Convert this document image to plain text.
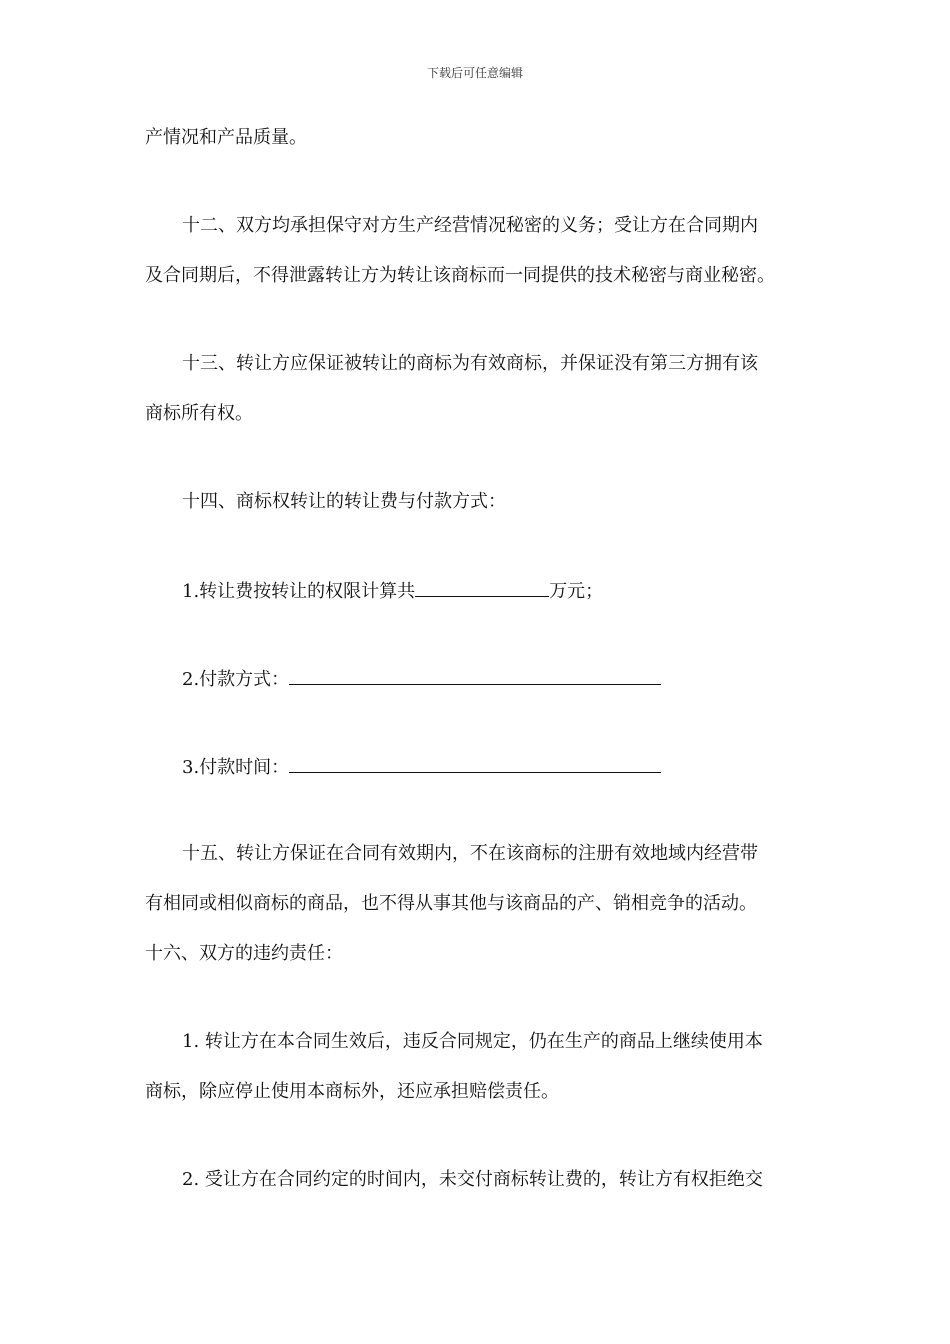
下载后可任意编辑
产情况和产品质量。
十二、双方均承担保守对方生产经营情况秘密的义务；受让方在合同期内
及合同期后，不得泄露转让方为转让该商标而一同提供的技术秘密与商业秘密。
十三、转让方应保证被转让的商标为有效商标，并保证没有第三方拥有该
商标所有权。
十四、商标权转让的转让费与付款方式：
1.转让费按转让的权限计算共	万元；
2.付款方式：
3.付款时间：
十五、转让方保证在合同有效期内，不在该商标的注册有效地域内经营带
有相同或相似商标的商品，也不得从事其他与该商品的产、销相竞争的活动。
十六、双方的违约责任：
1. 转让方在本合同生效后，违反合同规定，仍在生产的商品上继续使用本
商标，除应停止使用本商标外，还应承担赔偿责任。
2. 受让方在合同约定的时间内，未交付商标转让费的，转让方有权拒绝交
